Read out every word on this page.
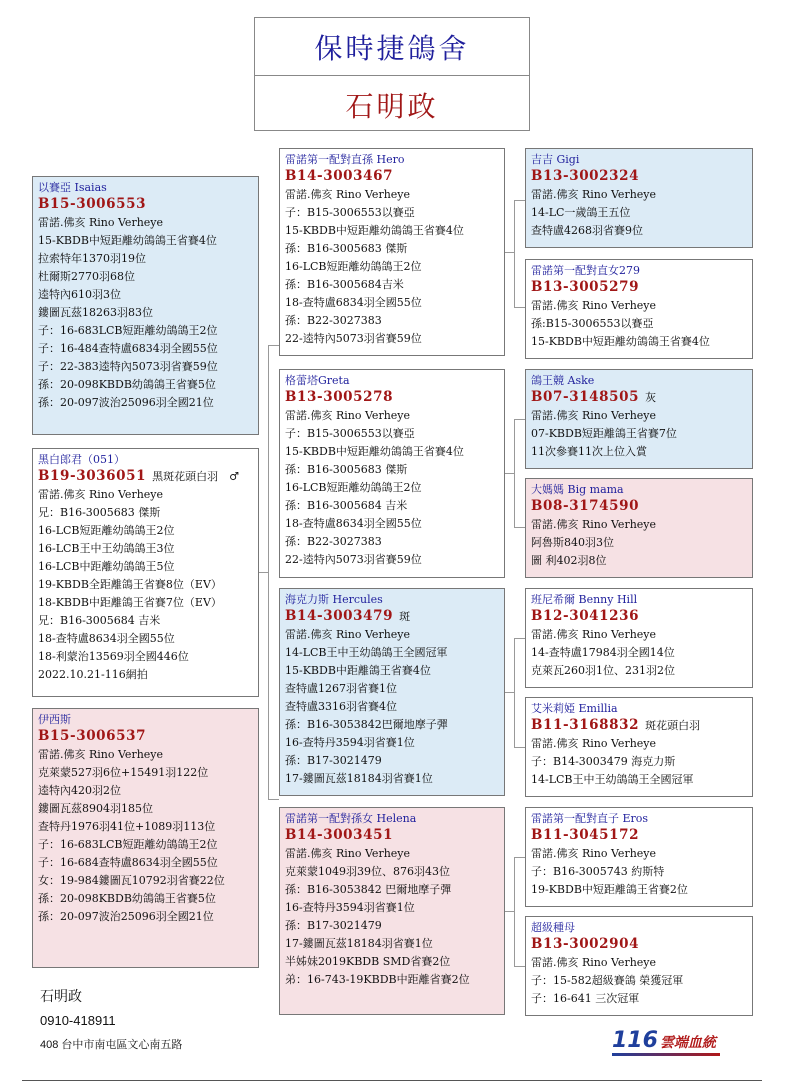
保時捷鴿舍
石明政
以賽亞 Isaias
B15-3006553
雷諾.佛亥 Rino Verheye
15-KBDB中短距離幼鴿鴿王省賽4位
拉索特年1370羽19位
杜爾斯2770羽68位
逵特內610羽3位
鏤圖瓦茲18263羽83位
子：16-683LCB短距離幼鴿鴿王2位
子：16-484查特盧6834羽全國55位
子：22-383逵特內5073羽省賽59位
孫：20-098KBDB幼鴿鴿王省賽5位
孫：20-097波治25096羽全國21位
黑白郎君（051）
B19-3036051 黑斑花頭白羽　♂
雷諾.佛亥 Rino Verheye
兄：B16-3005683 傑斯
16-LCB短距離幼鴿鴿王2位
16-LCB王中王幼鴿鴿王3位
16-LCB中距離幼鴿鴿王5位
19-KBDB全距離鴿王省賽8位（EV）
18-KBDB中距離鴿王省賽7位（EV）
兄：B16-3005684 吉米
18-查特盧8634羽全國55位
18-利蒙治13569羽全國446位
2022.10.21-116網拍
伊西斯
B15-3006537
雷諾.佛亥 Rino Verheye
克萊蒙527羽6位+15491羽122位
逵特內420羽2位
鏤圖瓦茲8904羽185位
查特丹1976羽41位+1089羽113位
子：16-683LCB短距離幼鴿鴿王2位
子：16-684查特盧8634羽全國55位
女：19-984鏤圖瓦10792羽省賽22位
孫：20-098KBDB幼鴿鴿王省賽5位
孫：20-097波治25096羽全國21位
雷諾第一配對直孫 Hero
B14-3003467
雷諾.佛亥 Rino Verheye
子：B15-3006553以賽亞
15-KBDB中短距離幼鴿鴿王省賽4位
孫：B16-3005683 傑斯
16-LCB短距離幼鴿鴿王2位
孫：B16-3005684吉米
18-查特盧6834羽全國55位
孫：B22-3027383
22-逵特內5073羽省賽59位
格蕾塔Greta
B13-3005278
雷諾.佛亥 Rino Verheye
子：B15-3006553以賽亞
15-KBDB中短距離幼鴿鴿王省賽4位
孫：B16-3005683 傑斯
16-LCB短距離幼鴿鴿王2位
孫：B16-3005684 吉米
18-查特盧8634羽全國55位
孫：B22-3027383
22-逵特內5073羽省賽59位
海克力斯 Hercules
B14-3003479 斑
雷諾.佛亥 Rino Verheye
14-LCB王中王幼鴿鴿王全國冠軍
15-KBDB中距離鴿王省賽4位
查特盧1267羽省賽1位
查特盧3316羽省賽4位
孫：B16-3053842巴爾地摩子彈
16-查特丹3594羽省賽1位
孫：B17-3021479
17-鏤圖瓦茲18184羽省賽1位
雷諾第一配對孫女 Helena
B14-3003451
雷諾.佛亥 Rino Verheye
克萊蒙1049羽39位、876羽43位
孫：B16-3053842 巴爾地摩子彈
16-查特丹3594羽省賽1位
孫：B17-3021479
17-鏤圖瓦茲18184羽省賽1位
半姊妹2019KBDB SMD省賽2位
弟：16-743-19KBDB中距離省賽2位
吉吉 Gigi
B13-3002324
雷諾.佛亥 Rino Verheye
14-LC一歲鴿王五位
查特盧4268羽省賽9位
雷諾第一配對直女279
B13-3005279
雷諾.佛亥 Rino Verheye
孫:B15-3006553以賽亞
15-KBDB中短距離幼鴿鴿王省賽4位
鴿王競 Aske
B07-3148505 灰
雷諾.佛亥 Rino Verheye
07-KBDB短距離鴿王省賽7位
11次參賽11次上位入賞
大媽媽 Big mama
B08-3174590
雷諾.佛亥 Rino Verheye
阿魯斯840羽3位
圖 利402羽8位
班尼希爾 Benny Hill
B12-3041236
雷諾.佛亥 Rino Verheye
14-查特盧17984羽全國14位
克萊瓦260羽1位、231羽2位
艾米莉婭 Emillia
B11-3168832 斑花頭白羽
雷諾.佛亥 Rino Verheye
子：B14-3003479 海克力斯
14-LCB王中王幼鴿鴿王全國冠軍
雷諾第一配對直子 Eros
B11-3045172
雷諾.佛亥 Rino Verheye
子：B16-3005743 約斯特
19-KBDB中短距離鴿王省賽2位
超級種母
B13-3002904
雷諾.佛亥 Rino Verheye
子：15-582超級賽鴿 榮獲冠軍
子：16-641 三次冠軍
石明政
0910-418911
408 台中市南屯區文心南五路	116 雲端血統
